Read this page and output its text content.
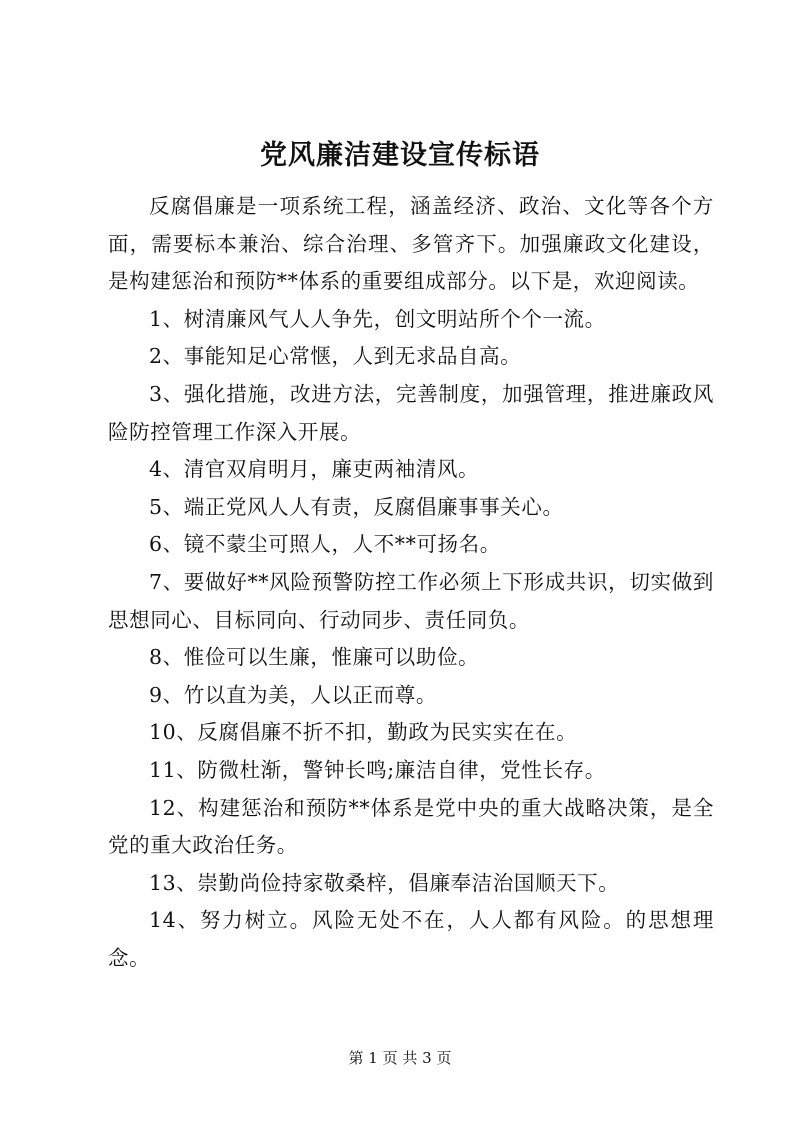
党风廉洁建设宣传标语

反腐倡廉是一项系统工程，涵盖经济、政治、文化等各个方面，需要标本兼治、综合治理、多管齐下。加强廉政文化建设，是构建惩治和预防**体系的重要组成部分。以下是，欢迎阅读。

1、树清廉风气人人争先，创文明站所个个一流。

2、事能知足心常惬，人到无求品自高。

3、强化措施，改进方法，完善制度，加强管理，推进廉政风险防控管理工作深入开展。

4、清官双肩明月，廉吏两袖清风。

5、端正党风人人有责，反腐倡廉事事关心。

6、镜不蒙尘可照人，人不**可扬名。

7、要做好**风险预警防控工作必须上下形成共识，切实做到思想同心、目标同向、行动同步、责任同负。

8、惟俭可以生廉，惟廉可以助俭。

9、竹以直为美，人以正而尊。

10、反腐倡廉不折不扣，勤政为民实实在在。

11、防微杜渐，警钟长鸣;廉洁自律，党性长存。

12、构建惩治和预防**体系是党中央的重大战略决策，是全党的重大政治任务。

13、崇勤尚俭持家敬桑梓，倡廉奉洁治国顺天下。

14、努力树立。风险无处不在，人人都有风险。的思想理念。

第 1 页 共 3 页
